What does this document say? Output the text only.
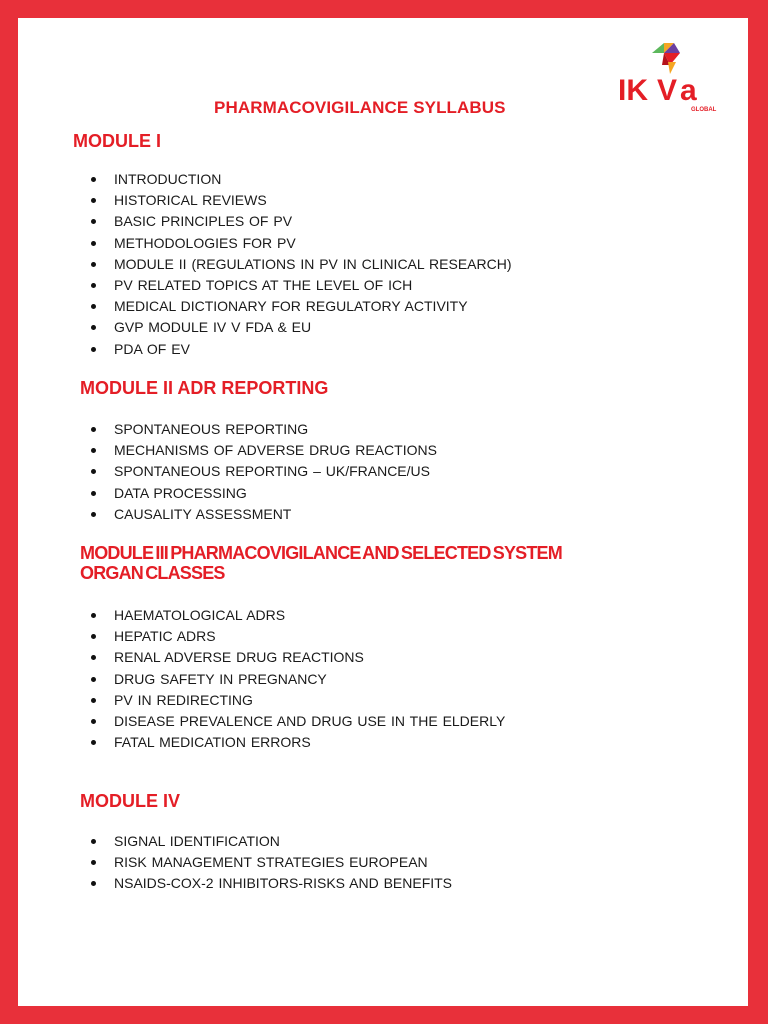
PHARMACOVIGILANCE SYLLABUS
IK V a
GLOBAL
MODULE I
INTRODUCTION
HISTORICAL REVIEWS
BASIC PRINCIPLES OF PV
METHODOLOGIES FOR PV
MODULE II (REGULATIONS IN PV IN CLINICAL RESEARCH)
PV RELATED TOPICS AT THE LEVEL OF ICH
MEDICAL DICTIONARY FOR REGULATORY ACTIVITY
GVP MODULE IV V FDA & EU
PDA OF EV
MODULE II ADR REPORTING
SPONTANEOUS REPORTING
MECHANISMS OF ADVERSE DRUG REACTIONS
SPONTANEOUS REPORTING – UK/FRANCE/US
DATA PROCESSING
CAUSALITY ASSESSMENT
MODULE III PHARMACOVIGILANCE AND SELECTED SYSTEM
ORGAN CLASSES
HAEMATOLOGICAL ADRS
HEPATIC ADRS
RENAL ADVERSE DRUG REACTIONS
DRUG SAFETY IN PREGNANCY
PV IN REDIRECTING
DISEASE PREVALENCE AND DRUG USE IN THE ELDERLY
FATAL MEDICATION ERRORS
MODULE IV
SIGNAL IDENTIFICATION
RISK MANAGEMENT STRATEGIES EUROPEAN
NSAIDS-COX-2 INHIBITORS-RISKS AND BENEFITS
